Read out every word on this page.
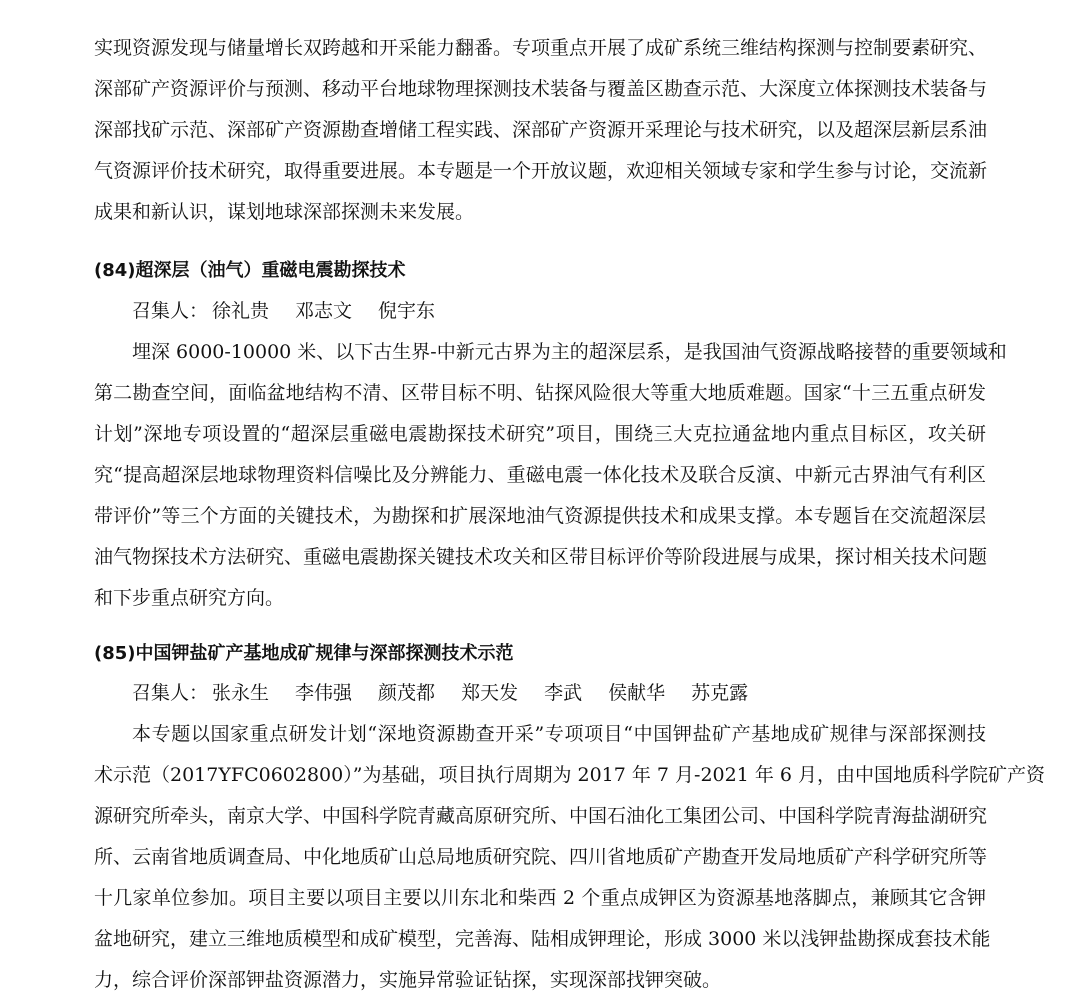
实现资源发现与储量增长双跨越和开采能力翻番。专项重点开展了成矿系统三维结构探测与控制要素研究、
深部矿产资源评价与预测、移动平台地球物理探测技术装备与覆盖区勘查示范、大深度立体探测技术装备与
深部找矿示范、深部矿产资源勘查增储工程实践、深部矿产资源开采理论与技术研究，以及超深层新层系油
气资源评价技术研究，取得重要进展。本专题是一个开放议题，欢迎相关领域专家和学生参与讨论，交流新
成果和新认识，谋划地球深部探测未来发展。
(84)超深层（油气）重磁电震勘探技术
召集人： 徐礼贵 邓志文 倪宇东
埋深 6000-10000 米、以下古生界-中新元古界为主的超深层系，是我国油气资源战略接替的重要领域和
第二勘查空间，面临盆地结构不清、区带目标不明、钻探风险很大等重大地质难题。国家“十三五重点研发
计划”深地专项设置的“超深层重磁电震勘探技术研究”项目，围绕三大克拉通盆地内重点目标区，攻关研
究“提高超深层地球物理资料信噪比及分辨能力、重磁电震一体化技术及联合反演、中新元古界油气有利区
带评价”等三个方面的关键技术，为勘探和扩展深地油气资源提供技术和成果支撑。本专题旨在交流超深层
油气物探技术方法研究、重磁电震勘探关键技术攻关和区带目标评价等阶段进展与成果，探讨相关技术问题
和下步重点研究方向。
(85)中国钾盐矿产基地成矿规律与深部探测技术示范
召集人： 张永生 李伟强 颜茂都 郑天发 李武 侯献华 苏克露
本专题以国家重点研发计划“深地资源勘查开采”专项项目“中国钾盐矿产基地成矿规律与深部探测技
术示范（2017YFC0602800）”为基础，项目执行周期为 2017 年 7 月-2021 年 6 月，由中国地质科学院矿产资
源研究所牵头，南京大学、中国科学院青藏高原研究所、中国石油化工集团公司、中国科学院青海盐湖研究
所、云南省地质调查局、中化地质矿山总局地质研究院、四川省地质矿产勘查开发局地质矿产科学研究所等
十几家单位参加。项目主要以项目主要以川东北和柴西 2 个重点成钾区为资源基地落脚点，兼顾其它含钾
盆地研究，建立三维地质模型和成矿模型，完善海、陆相成钾理论，形成 3000 米以浅钾盐勘探成套技术能
力，综合评价深部钾盐资源潜力，实施异常验证钻探，实现深部找钾突破。
